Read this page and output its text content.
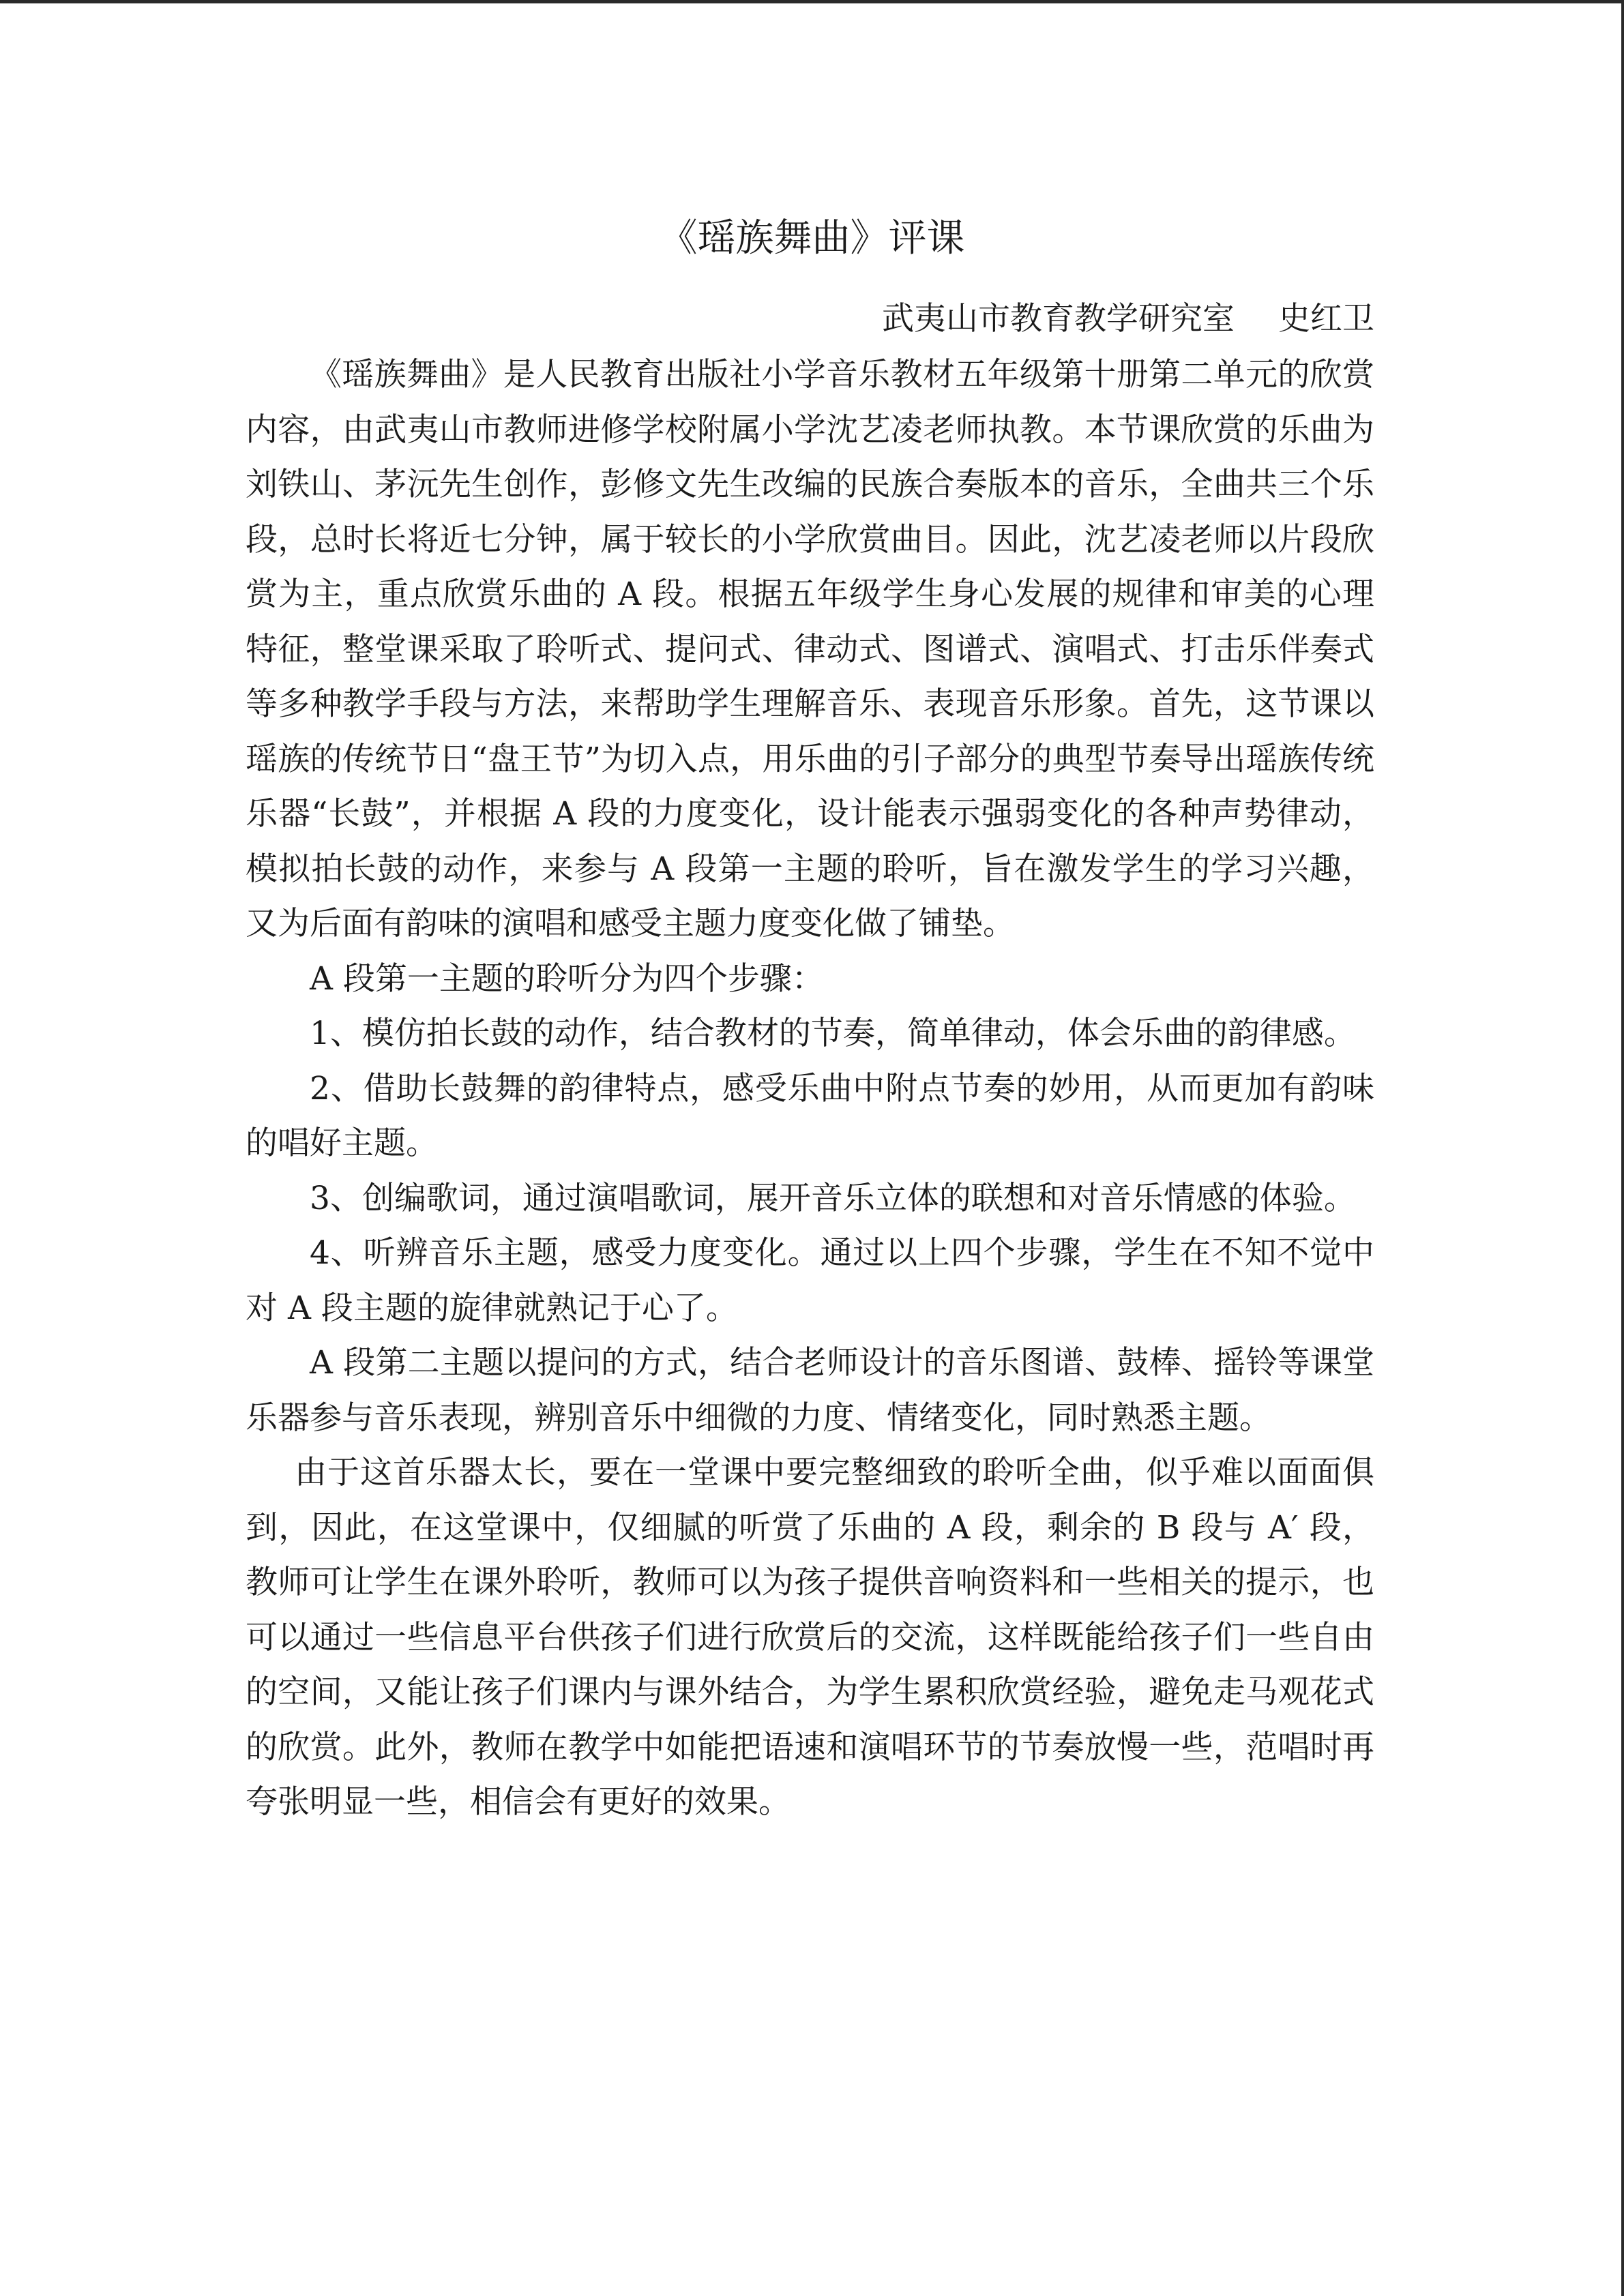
《瑶族舞曲》评课
武夷山市教育教学研究室 史红卫

《瑶族舞曲》是人民教育出版社小学音乐教材五年级第十册第二单元的欣赏内容，由武夷山市教师进修学校附属小学沈艺凌老师执教。本节课欣赏的乐曲为刘铁山、茅沅先生创作，彭修文先生改编的民族合奏版本的音乐，全曲共三个乐段，总时长将近七分钟，属于较长的小学欣赏曲目。因此，沈艺凌老师以片段欣赏为主，重点欣赏乐曲的 A 段。根据五年级学生身心发展的规律和审美的心理特征，整堂课采取了聆听式、提问式、律动式、图谱式、演唱式、打击乐伴奏式等多种教学手段与方法，来帮助学生理解音乐、表现音乐形象。首先，这节课以瑶族的传统节日“盘王节”为切入点，用乐曲的引子部分的典型节奏导出瑶族传统乐器“长鼓”，并根据 A 段的力度变化，设计能表示强弱变化的各种声势律动，模拟拍长鼓的动作，来参与 A 段第一主题的聆听，旨在激发学生的学习兴趣，又为后面有韵味的演唱和感受主题力度变化做了铺垫。

A 段第一主题的聆听分为四个步骤：

1、模仿拍长鼓的动作，结合教材的节奏，简单律动，体会乐曲的韵律感。

2、借助长鼓舞的韵律特点，感受乐曲中附点节奏的妙用，从而更加有韵味的唱好主题。

3、创编歌词，通过演唱歌词，展开音乐立体的联想和对音乐情感的体验。

4、听辨音乐主题，感受力度变化。通过以上四个步骤，学生在不知不觉中对 A 段主题的旋律就熟记于心了。

A 段第二主题以提问的方式，结合老师设计的音乐图谱、鼓棒、摇铃等课堂乐器参与音乐表现，辨别音乐中细微的力度、情绪变化，同时熟悉主题。

由于这首乐器太长，要在一堂课中要完整细致的聆听全曲，似乎难以面面俱到，因此，在这堂课中，仅细腻的听赏了乐曲的 A 段，剩余的 B 段与 A′ 段，教师可让学生在课外聆听，教师可以为孩子提供音响资料和一些相关的提示，也可以通过一些信息平台供孩子们进行欣赏后的交流，这样既能给孩子们一些自由的空间，又能让孩子们课内与课外结合，为学生累积欣赏经验，避免走马观花式的欣赏。此外，教师在教学中如能把语速和演唱环节的节奏放慢一些，范唱时再夸张明显一些，相信会有更好的效果。
